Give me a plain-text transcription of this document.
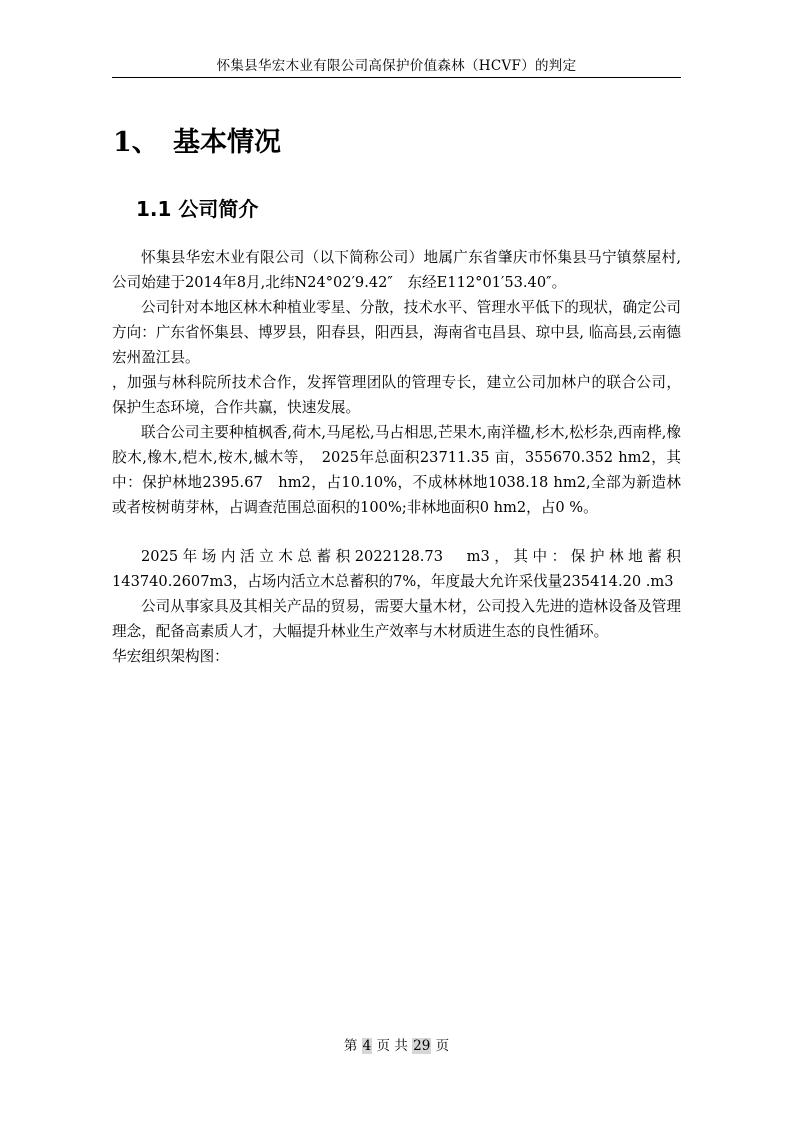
怀集县华宏木业有限公司高保护价值森林（HCVF）的判定
1、 基本情况
1.1 公司简介

怀集县华宏木业有限公司（以下简称公司）地属广东省肇庆市怀集县马宁镇蔡屋村,公司始建于2014年8月,北纬N24°02′9.42″　东经E112°01′53.40″。

公司针对本地区林木种植业零星、分散，技术水平、管理水平低下的现状，确定公司方向：广东省怀集县、博罗县，阳春县，阳西县，海南省屯昌县、琼中县, 临高县,云南德宏州盈江县。

，加强与林科院所技术合作，发挥管理团队的管理专长，建立公司加林户的联合公司，保护生态环境，合作共赢，快速发展。

联合公司主要种植枫香,荷木,马尾松,马占相思,芒果木,南洋楹,杉木,松杉杂,西南桦,橡胶木,橡木,桤木,桉木,槭木等，　2025年总面积23711.35 亩，355670.352 hm2，其中：保护林地2395.67　hm2，占10.10%，不成林林地1038.18 hm2,全部为新造林或者桉树萌芽林，占调查范围总面积的100%;非林地面积0 hm2，占0 %。

2025年场内活立木总蓄积2022128.73　m3，其中：保护林地蓄积143740.2607m3，占场内活立木总蓄积的7%，年度最大允许采伐量235414.20 .m3

公司从事家具及其相关产品的贸易，需要大量木材，公司投入先进的造林设备及管理理念，配备高素质人才，大幅提升林业生产效率与木材质进生态的良性循环。

华宏组织架构图：

第 4 页 共 29 页
